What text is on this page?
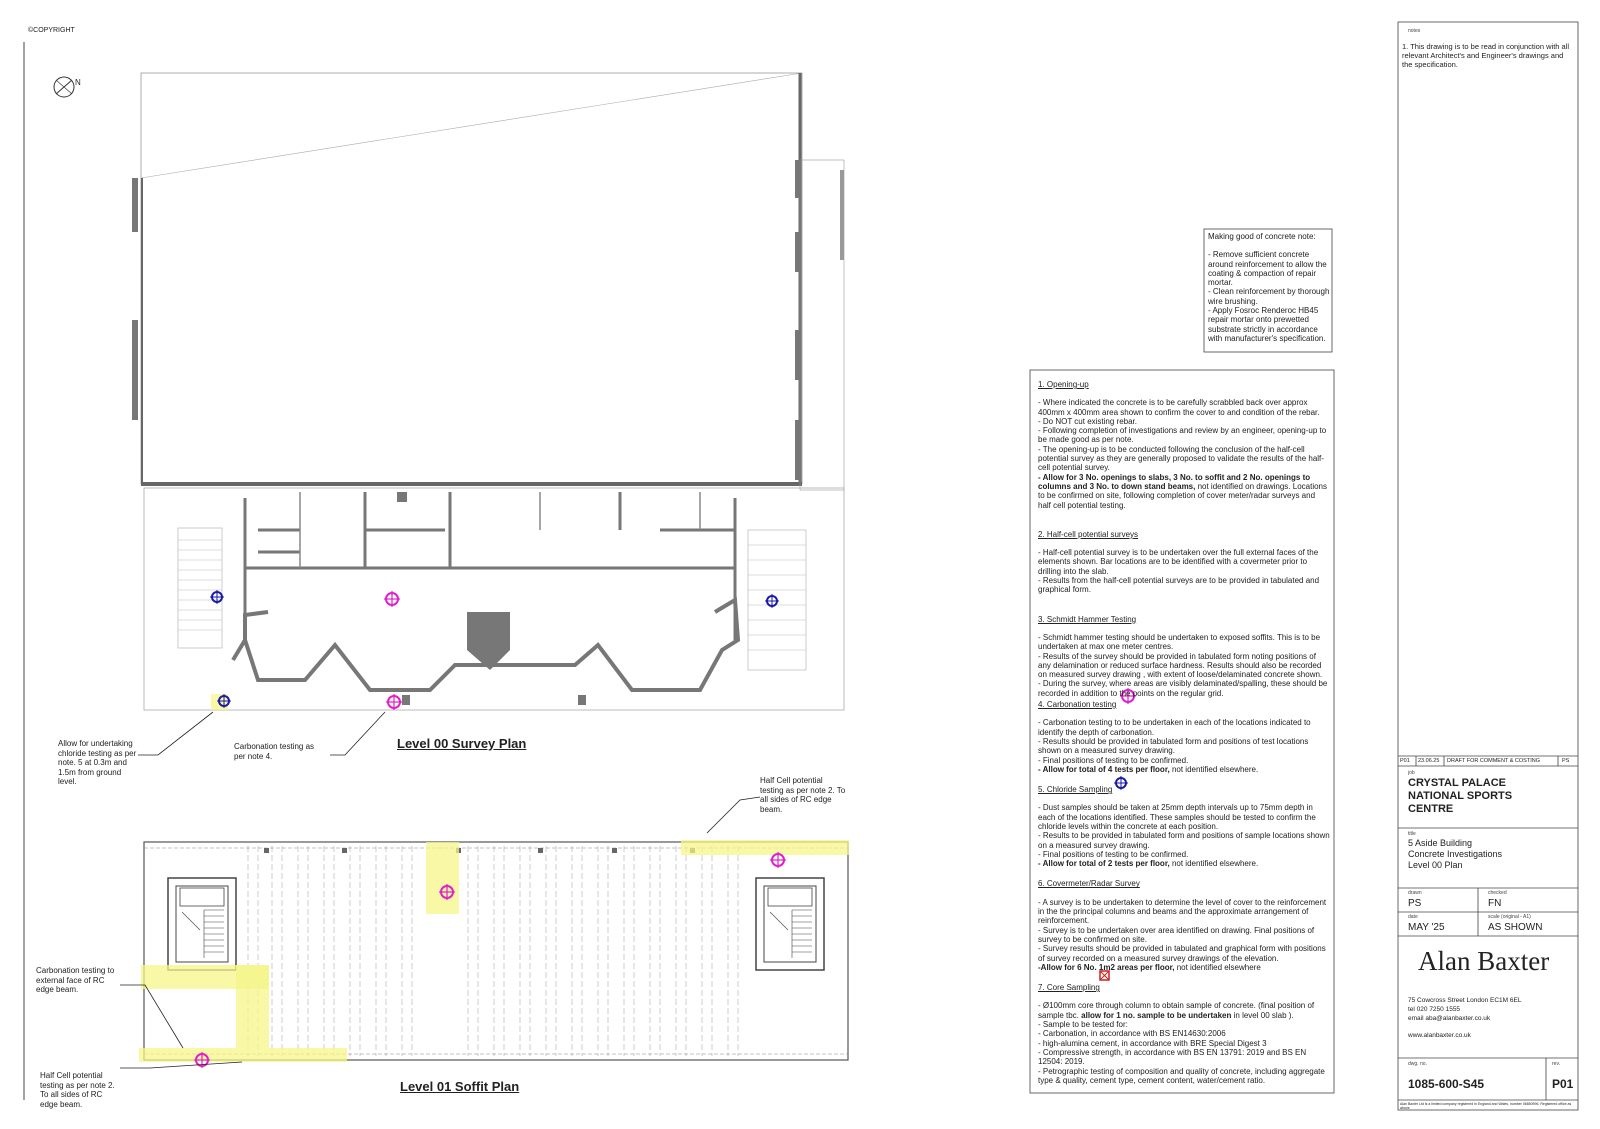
©COPYRIGHT
N
Level 00 Survey Plan
Level 01 Soffit Plan
Allow for undertaking chloride testing as per note. 5 at 0.3m and 1.5m from ground level.
Carbonation testing as per note 4.
Half Cell potential testing as per note 2. To all sides of RC edge beam.
Carbonation testing to external face of RC edge beam.
Half Cell potential testing as per note 2. To all sides of RC edge beam.

Making good of concrete note:

- Remove sufficient concrete around reinforcement to allow the coating & compaction of repair mortar.

- Clean reinforcement by thorough wire brushing.

- Apply Fosroc Renderoc HB45 repair mortar onto prewetted substrate strictly in accordance with manufacturer's specification.

1. Opening-up

- Where indicated the concrete is to be carefully scrabbled back over approx 400mm x 400mm area shown to confirm the cover to and condition of the rebar.

- Do NOT cut existing rebar.

- Following completion of investigations and review by an engineer, opening-up to be made good as per note.

- The opening-up is to be conducted following the conclusion of the half-cell potential survey as they are generally proposed to validate the results of the half-cell potential survey.

- Allow for 3 No. openings to slabs, 3 No. to soffit and 2 No. openings to columns and 3 No. to down stand beams, not identified on drawings. Locations to be confirmed on site, following completion of cover meter/radar surveys and half cell potential testing.

2. Half-cell potential surveys

- Half-cell potential survey is to be undertaken over the full external faces of the elements shown. Bar locations are to be identified with a covermeter prior to drilling into the slab.

- Results from the half-cell potential surveys are to be provided in tabulated and graphical form.

3. Schmidt Hammer Testing

- Schmidt hammer testing should be undertaken to exposed soffits. This is to be undertaken at max one meter centres.

- Results of the survey should be provided in tabulated form noting positions of any delamination or reduced surface hardness. Results should also be recorded on measured survey drawing , with extent of loose/delaminated concrete shown.

- During the survey, where areas are visibly delaminated/spalling, these should be recorded in addition to the points on the regular grid.

4. Carbonation testing

- Carbonation testing to to be undertaken in each of the locations indicated to identify the depth of carbonation.

- Results should be provided in tabulated form and positions of test locations shown on a measured survey drawing.

- Final positions of testing to be confirmed.

- Allow for total of 4 tests per floor, not identified elsewhere.

5. Chloride Sampling

- Dust samples should be taken at 25mm depth intervals up to 75mm depth in each of the locations identified. These samples should be tested to confirm the chloride levels within the concrete at each position.

- Results to be provided in tabulated form and positions of sample locations shown on a measured survey drawing.

- Final positions of testing to be confirmed.

- Allow for total of 2 tests per floor, not identified elsewhere.

6. Covermeter/Radar Survey

- A survey is to be undertaken to determine the level of cover to the reinforcement in the the principal columns and beams and the approximate arrangement of reinforcement.

- Survey is to be undertaken over area identified on drawing. Final positions of survey to be confirmed on site.

- Survey results should be provided in tabulated and graphical form with positions of survey recorded on a measured survey drawings of the elevation.

-Allow for 6 No. 1m2 areas per floor, not identified elsewhere

7. Core Sampling

- Ø100mm core through column to obtain sample of concrete. (final position of sample tbc. allow for 1 no. sample to be undertaken in level 00 slab ).

- Sample to be tested for:

- Carbonation, in accordance with BS EN14630:2006

- high-alumina cement, in accordance with BRE Special Digest 3

- Compressive strength, in accordance with BS EN 13791: 2019 and BS EN 12504: 2019.

- Petrographic testing of composition and quality of concrete, including aggregate type & quality, cement type, cement content, water/cement ratio.

notes
1. This drawing is to be read in conjunction with all relevant Architect's and Engineer's drawings and the specification.
P01 23.06.25 DRAFT FOR COMMENT & COSTING	PS
job
CRYSTAL PALACE NATIONAL SPORTS CENTRE
title
5 Aside Building
Concrete Investigations
Level 00 Plan
drawn
PS
checked
FN
date
MAY '25
scale (original - A1)
AS SHOWN
Alan Baxter
75 Cowcross Street London EC1M 6EL
tel 020 7250 1555
email aba@alanbaxter.co.uk
www.alanbaxter.co.uk
dwg. no.
1085-600-S45
rev.
P01
Alan Baxter Ltd is a limited company registered in England and Wales, number 06650996. Registered office as above.
